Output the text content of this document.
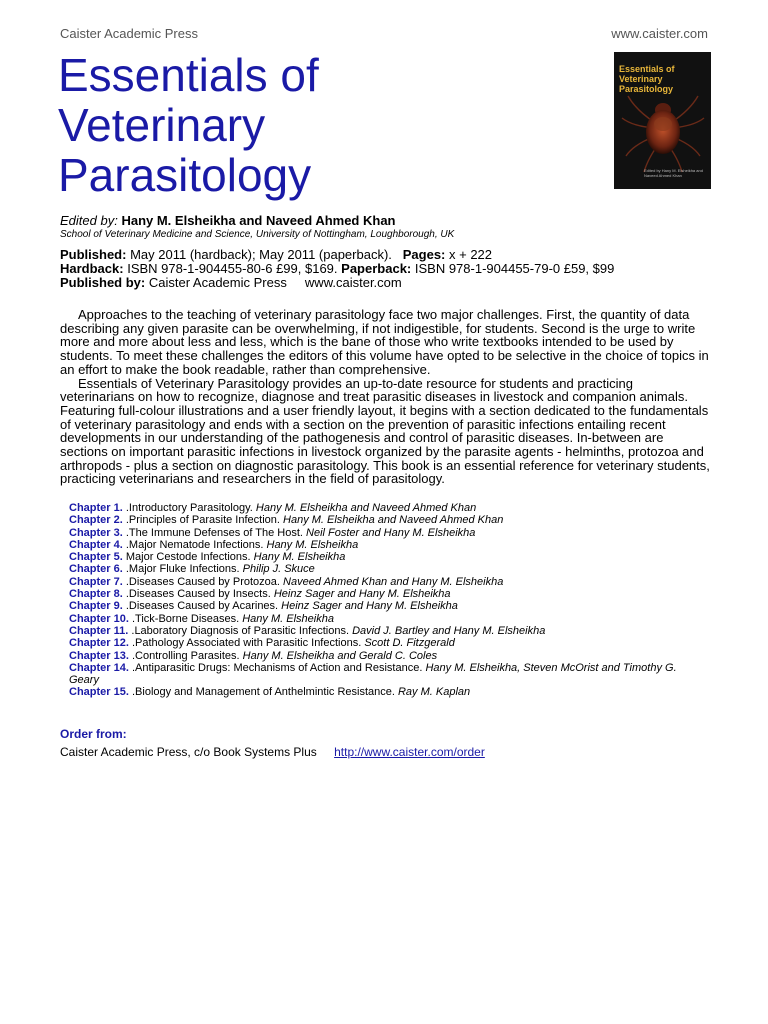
Caister Academic Press	www.caister.com
Essentials of
Veterinary
Parasitology
Essentials of Veterinary Parasitology
Edited by Hany M. Elsheikha and Naveed Ahmed Khan
Edited by: Hany M. Elsheikha and Naveed Ahmed Khan
School of Veterinary Medicine and Science, University of Nottingham, Loughborough, UK
Published: May 2011 (hardback); May 2011 (paperback). Pages: x + 222
Hardback: ISBN 978-1-904455-80-6 £99, $169. Paperback: ISBN 978-1-904455-79-0 £59, $99
Published by: Caister Academic Press www.caister.com

Approaches to the teaching of veterinary parasitology face two major challenges. First, the quantity of data describing any given parasite can be overwhelming, if not indigestible, for students. Second is the urge to write more and more about less and less, which is the bane of those who write textbooks intended to be used by students. To meet these challenges the editors of this volume have opted to be selective in the choice of topics in an effort to make the book readable, rather than comprehensive.

Essentials of Veterinary Parasitology provides an up-to-date resource for students and practicing veterinarians on how to recognize, diagnose and treat parasitic diseases in livestock and companion animals. Featuring full-colour illustrations and a user friendly layout, it begins with a section dedicated to the fundamentals of veterinary parasitology and ends with a section on the prevention of parasitic infections entailing recent developments in our understanding of the pathogenesis and control of parasitic diseases. In-between are sections on important parasitic infections in livestock organized by the parasite agents - helminths, protozoa and arthropods - plus a section on diagnostic parasitology. This book is an essential reference for veterinary students, practicing veterinarians and researchers in the field of parasitology.

Chapter 1. .Introductory Parasitology. Hany M. Elsheikha and Naveed Ahmed Khan
Chapter 2. .Principles of Parasite Infection. Hany M. Elsheikha and Naveed Ahmed Khan
Chapter 3. .The Immune Defenses of The Host. Neil Foster and Hany M. Elsheikha
Chapter 4. .Major Nematode Infections. Hany M. Elsheikha
Chapter 5. Major Cestode Infections. Hany M. Elsheikha
Chapter 6. .Major Fluke Infections. Philip J. Skuce
Chapter 7. .Diseases Caused by Protozoa. Naveed Ahmed Khan and Hany M. Elsheikha
Chapter 8. .Diseases Caused by Insects. Heinz Sager and Hany M. Elsheikha
Chapter 9. .Diseases Caused by Acarines. Heinz Sager and Hany M. Elsheikha
Chapter 10. .Tick-Borne Diseases. Hany M. Elsheikha
Chapter 11. .Laboratory Diagnosis of Parasitic Infections. David J. Bartley and Hany M. Elsheikha
Chapter 12. .Pathology Associated with Parasitic Infections. Scott D. Fitzgerald
Chapter 13. .Controlling Parasites. Hany M. Elsheikha and Gerald C. Coles
Chapter 14. .Antiparasitic Drugs: Mechanisms of Action and Resistance. Hany M. Elsheikha, Steven McOrist and Timothy G. Geary
Chapter 15. .Biology and Management of Anthelmintic Resistance. Ray M. Kaplan
Order from:
Caister Academic Press, c/o Book Systems Plus http://www.caister.com/order
